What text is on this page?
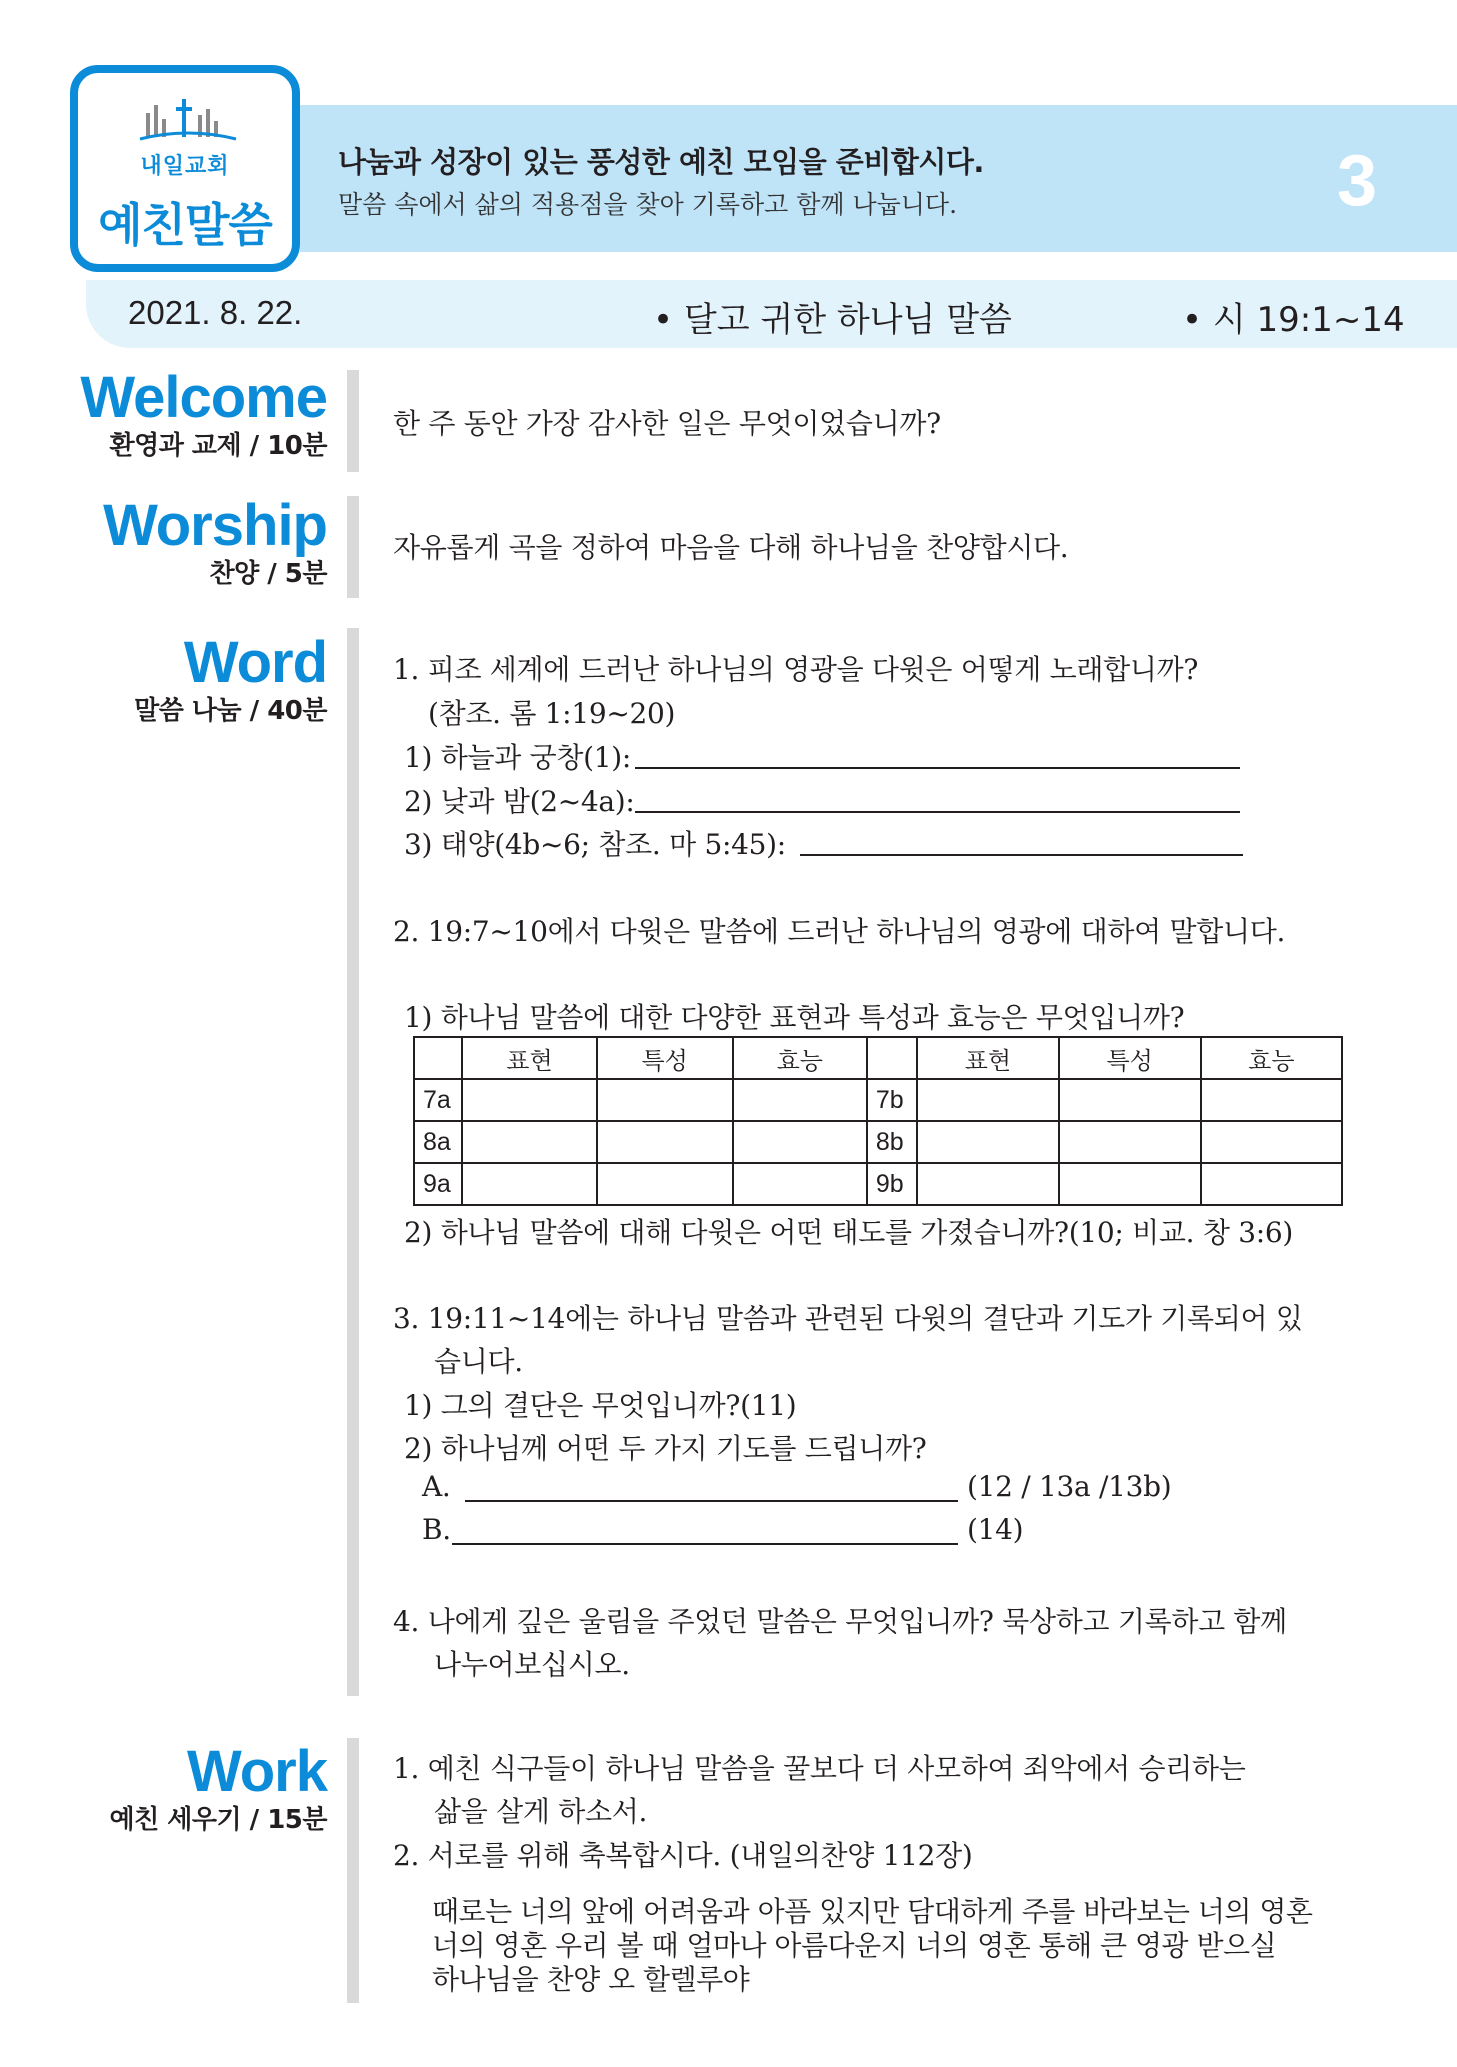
3
내일교회
예친말씀
나눔과 성장이 있는 풍성한 예친 모임을 준비합시다.
말씀 속에서 삶의 적용점을 찾아 기록하고 함께 나눕니다.
2021. 8. 22.	• 달고 귀한 하나님 말씀	• 시 19:1~14
Welcome
환영과 교제 / 10분
한 주 동안 가장 감사한 일은 무엇이었습니까?
Worship
찬양 / 5분
자유롭게 곡을 정하여 마음을 다해 하나님을 찬양합시다.
Word
말씀 나눔 / 40분
1. 피조 세계에 드러난 하나님의 영광을 다윗은 어떻게 노래합니까?
(참조. 롬 1:19~20)
1) 하늘과 궁창(1):
2) 낮과 밤(2~4a):
3) 태양(4b~6; 참조. 마 5:45):
2. 19:7~10에서 다윗은 말씀에 드러난 하나님의 영광에 대하여 말합니다.
1) 하나님 말씀에 대한 다양한 표현과 특성과 효능은 무엇입니까?
	표현	특성	효능		표현	특성	효능
7a				7b			
8a				8b			
9a				9b			
2) 하나님 말씀에 대해 다윗은 어떤 태도를 가졌습니까?(10; 비교. 창 3:6)
3. 19:11~14에는 하나님 말씀과 관련된 다윗의 결단과 기도가 기록되어 있
습니다.
1) 그의 결단은 무엇입니까?(11)
2) 하나님께 어떤 두 가지 기도를 드립니까?
A.	(12 / 13a /13b)
B.	(14)
4. 나에게 깊은 울림을 주었던 말씀은 무엇입니까? 묵상하고 기록하고 함께
나누어보십시오.
Work
예친 세우기 / 15분
1. 예친 식구들이 하나님 말씀을 꿀보다 더 사모하여 죄악에서 승리하는
삶을 살게 하소서.
2. 서로를 위해 축복합시다. (내일의찬양 112장)
때로는 너의 앞에 어려움과 아픔 있지만 담대하게 주를 바라보는 너의 영혼
너의 영혼 우리 볼 때 얼마나 아름다운지 너의 영혼 통해 큰 영광 받으실
하나님을 찬양 오 할렐루야
